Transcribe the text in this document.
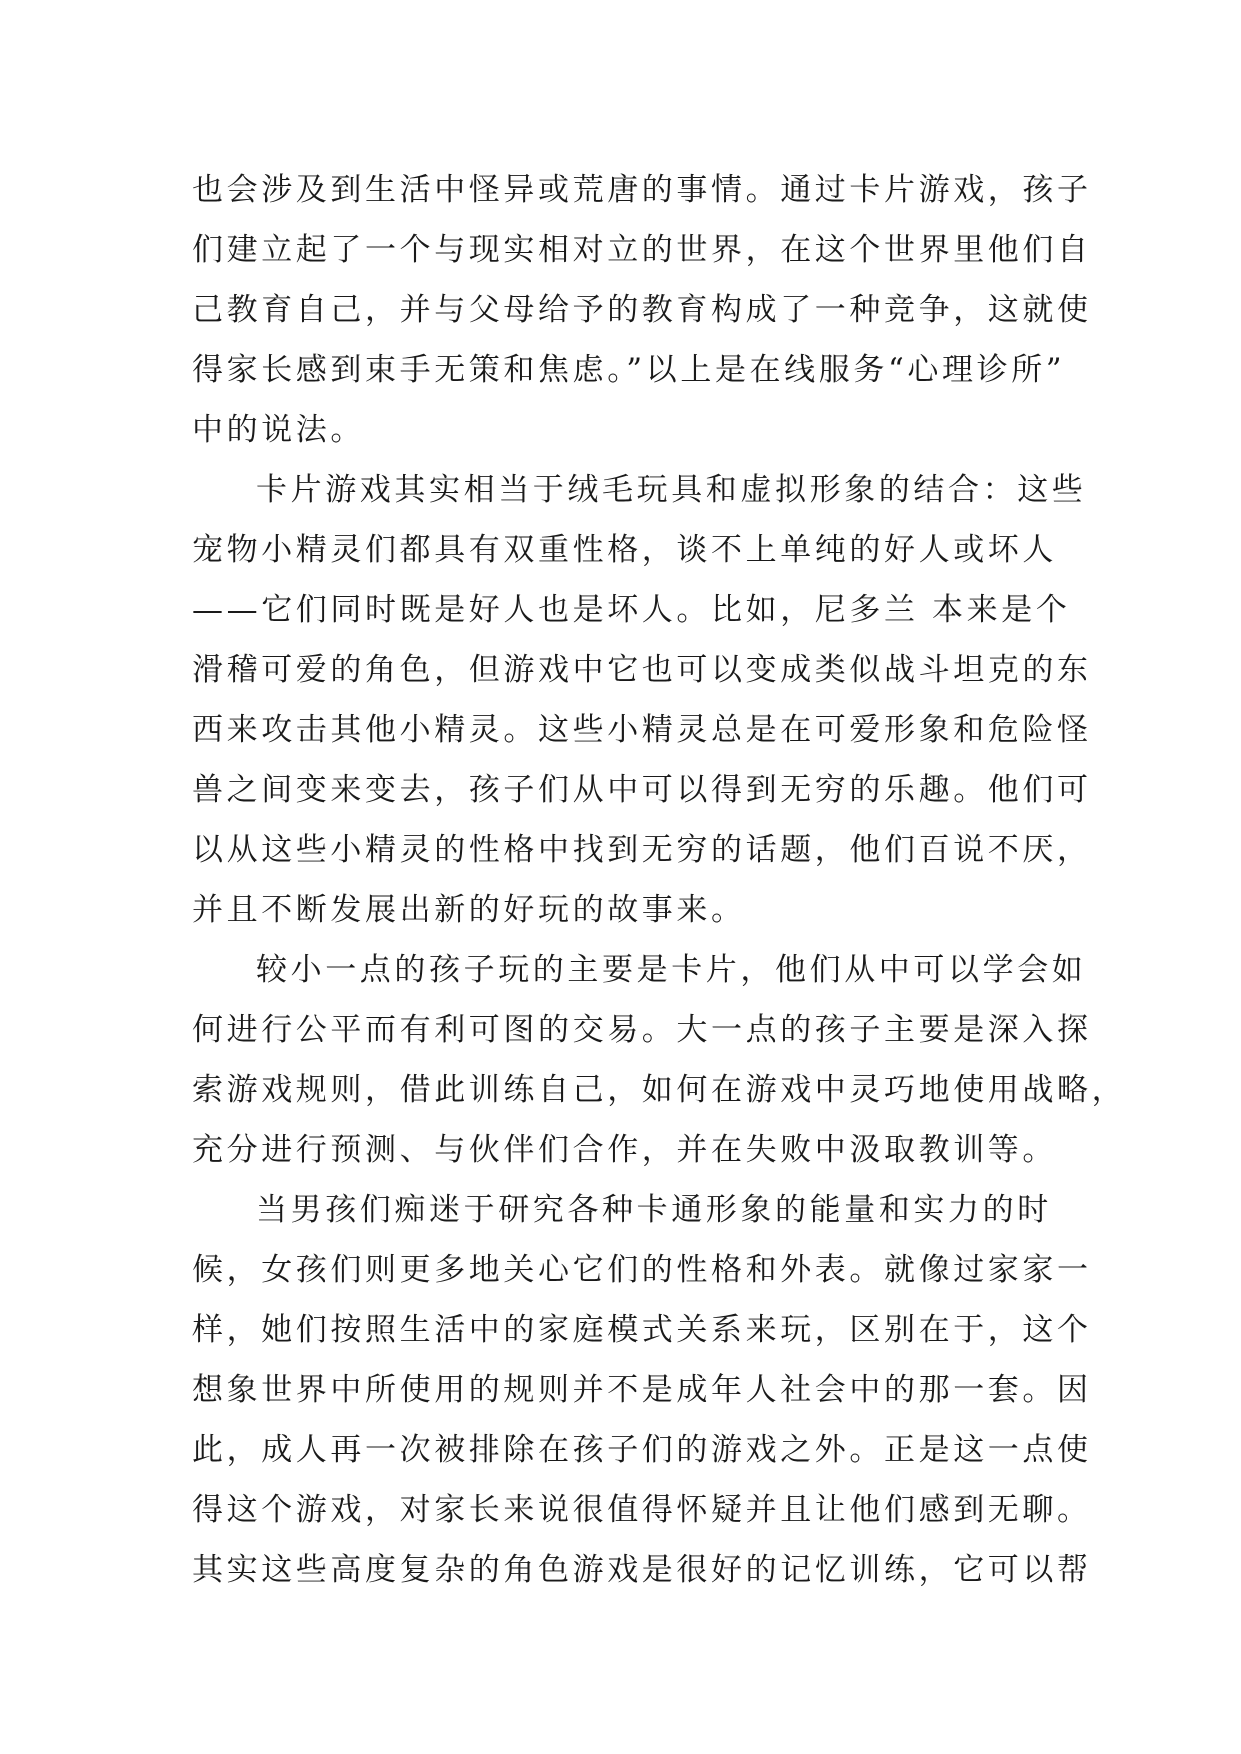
也会涉及到生活中怪异或荒唐的事情。通过卡片游戏，孩子
们建立起了一个与现实相对立的世界，在这个世界里他们自
己教育自己，并与父母给予的教育构成了一种竞争，这就使
得家长感到束手无策和焦虑。”以上是在线服务“心理诊所”
中的说法。
卡片游戏其实相当于绒毛玩具和虚拟形象的结合：这些
宠物小精灵们都具有双重性格，谈不上单纯的好人或坏人
——它们同时既是好人也是坏人。比如，尼多兰 本来是个
滑稽可爱的角色，但游戏中它也可以变成类似战斗坦克的东
西来攻击其他小精灵。这些小精灵总是在可爱形象和危险怪
兽之间变来变去，孩子们从中可以得到无穷的乐趣。他们可
以从这些小精灵的性格中找到无穷的话题，他们百说不厌，
并且不断发展出新的好玩的故事来。
较小一点的孩子玩的主要是卡片，他们从中可以学会如
何进行公平而有利可图的交易。大一点的孩子主要是深入探
索游戏规则，借此训练自己，如何在游戏中灵巧地使用战略，
充分进行预测、与伙伴们合作，并在失败中汲取教训等。
当男孩们痴迷于研究各种卡通形象的能量和实力的时
候，女孩们则更多地关心它们的性格和外表。就像过家家一
样，她们按照生活中的家庭模式关系来玩，区别在于，这个
想象世界中所使用的规则并不是成年人社会中的那一套。因
此，成人再一次被排除在孩子们的游戏之外。正是这一点使
得这个游戏，对家长来说很值得怀疑并且让他们感到无聊。
其实这些高度复杂的角色游戏是很好的记忆训练，它可以帮
